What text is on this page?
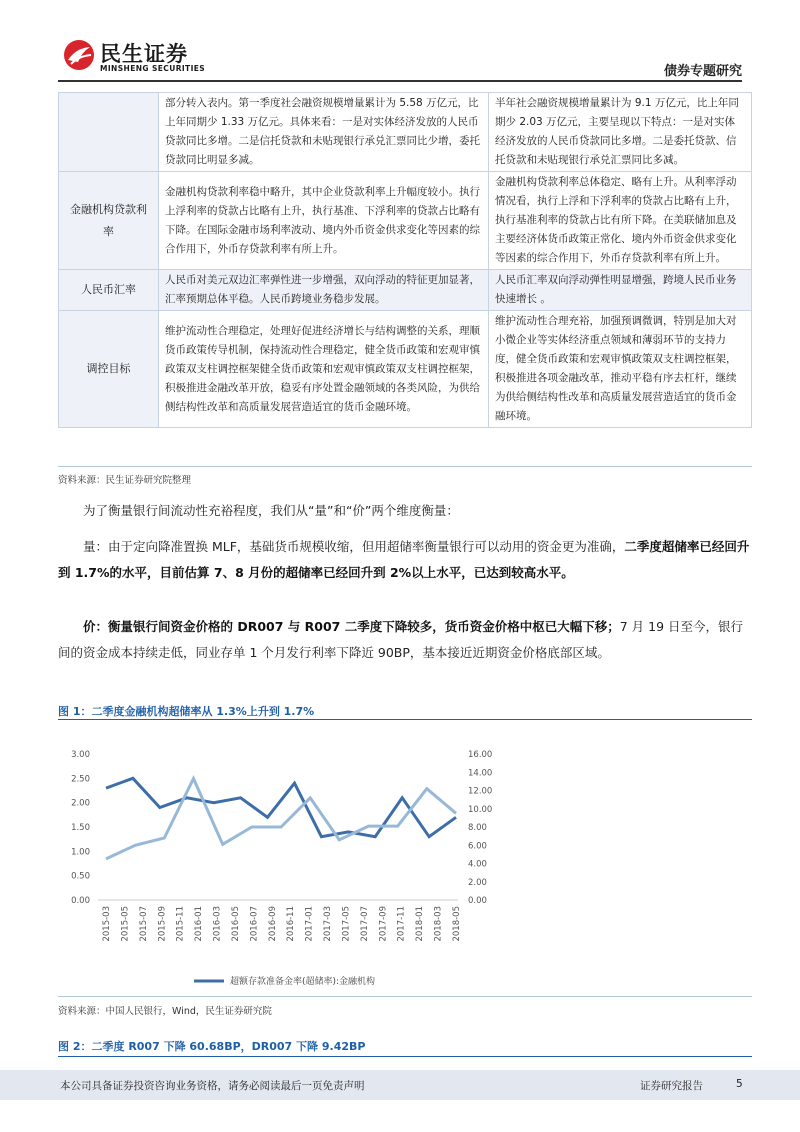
民生证券
MINSHENG SECURITIES	债券专题研究
	部分转入表内。第一季度社会融资规模增量累计为 5.58 万亿元，比上年同期少 1.33 万亿元。具体来看：一是对实体经济发放的人民币贷款同比多增。二是信托贷款和未贴现银行承兑汇票同比少增，委托贷款同比明显多减。	半年社会融资规模增量累计为 9.1 万亿元，比上年同期少 2.03 万亿元，主要呈现以下特点：一是对实体经济发放的人民币贷款同比多增。二是委托贷款、信托贷款和未贴现银行承兑汇票同比多减。
金融机构贷款利率	金融机构贷款利率稳中略升，其中企业贷款利率上升幅度较小。执行上浮利率的贷款占比略有上升，执行基准、下浮利率的贷款占比略有下降。在国际金融市场利率波动、境内外币资金供求变化等因素的综合作用下，外币存贷款利率有所上升。	金融机构贷款利率总体稳定、略有上升。从利率浮动情况看，执行上浮和下浮利率的贷款占比略有上升，执行基准利率的贷款占比有所下降。在美联储加息及主要经济体货币政策正常化、境内外币资金供求变化等因素的综合作用下，外币存贷款利率有所上升。
人民币汇率	人民币对美元双边汇率弹性进一步增强，双向浮动的特征更加显著，汇率预期总体平稳。人民币跨境业务稳步发展。	人民币汇率双向浮动弹性明显增强，跨境人民币业务快速增长 。
调控目标	维护流动性合理稳定，处理好促进经济增长与结构调整的关系，理顺货币政策传导机制，保持流动性合理稳定，健全货币政策和宏观审慎政策双支柱调控框架健全货币政策和宏观审慎政策双支柱调控框架，积极推进金融改革开放，稳妥有序处置金融领域的各类风险，为供给侧结构性改革和高质量发展营造适宜的货币金融环境。	维护流动性合理充裕，加强预调微调，特别是加大对小微企业等实体经济重点领域和薄弱环节的支持力度，健全货币政策和宏观审慎政策双支柱调控框架，积极推进各项金融改革，推动平稳有序去杠杆，继续为供给侧结构性改革和高质量发展营造适宜的货币金融环境。
资料来源：民生证券研究院整理
为了衡量银行间流动性充裕程度，我们从“量”和“价”两个维度衡量：
量：由于定向降准置换 MLF，基础货币规模收缩，但用超储率衡量银行可以动用的资金更为准确，二季度超储率已经回升到 1.7%的水平，目前估算 7、8 月份的超储率已经回升到 2%以上水平，已达到较高水平。
价：衡量银行间资金价格的 DR007 与 R007 二季度下降较多，货币资金价格中枢已大幅下移；7 月 19 日至今，银行间的资金成本持续走低，同业存单 1 个月发行利率下降近 90BP，基本接近近期资金价格底部区域。
图 1：二季度金融机构超储率从 1.3%上升到 1.7%
0.00
0.50
1.00
1.50
2.00
2.50
3.00
0.00
2.00
4.00
6.00
8.00
10.00
12.00
14.00
16.00
2015-03 2015-05 2015-07 2015-09 2015-11 2016-01 2016-03 2016-05 2016-07 2016-09 2016-11 2017-01 2017-03 2017-05 2017-07 2017-09 2017-11 2018-01 2018-03 2018-05
超额存款准备金率(超储率):金融机构
资料来源：中国人民银行，Wind，民生证券研究院
图 2：二季度 R007 下降 60.68BP，DR007 下降 9.42BP
本公司具备证券投资咨询业务资格，请务必阅读最后一页免责声明	证券研究报告	5
